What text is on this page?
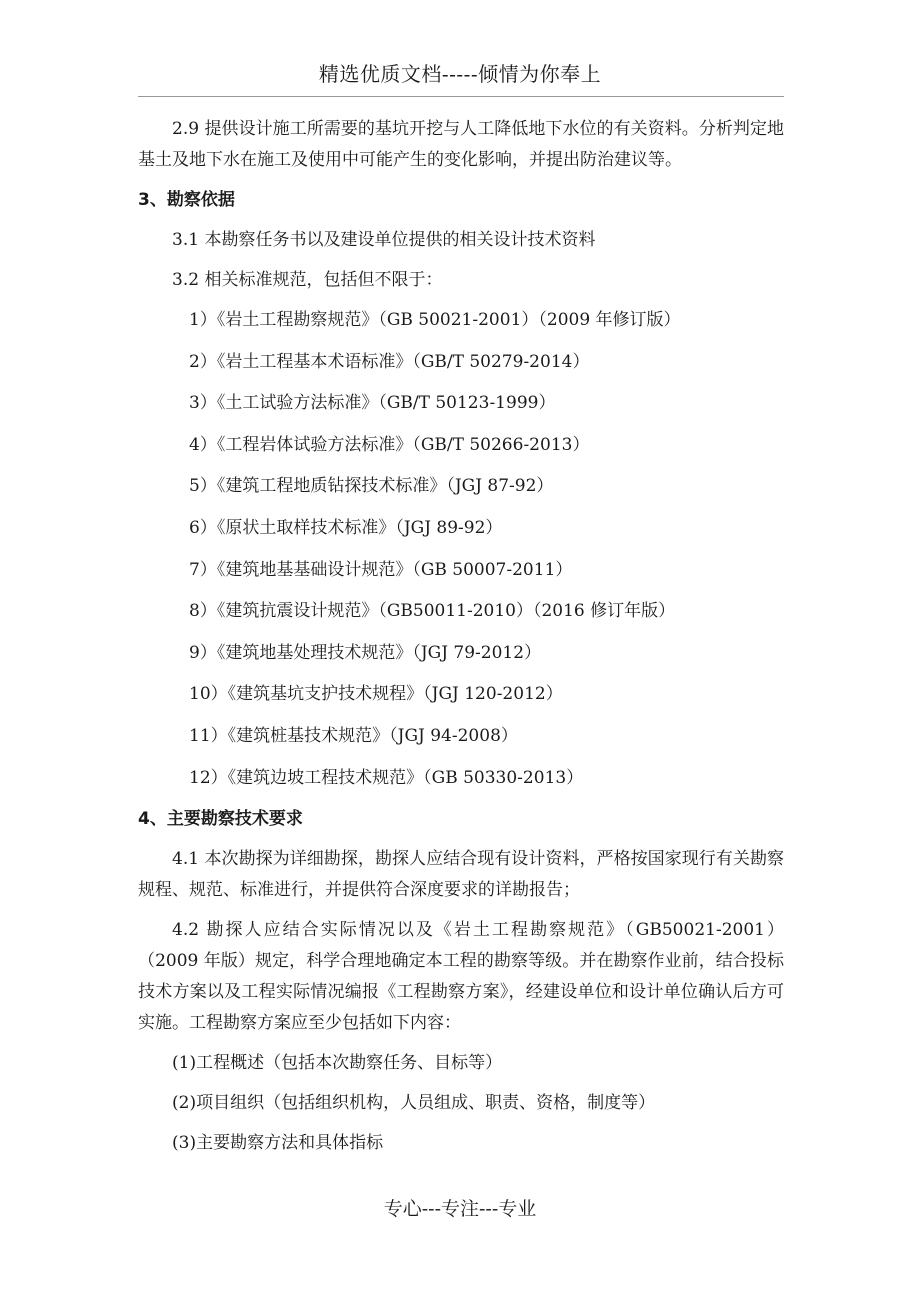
精选优质文档-----倾情为你奉上

2.9 提供设计施工所需要的基坑开挖与人工降低地下水位的有关资料。分析判定地基土及地下水在施工及使用中可能产生的变化影响，并提出防治建议等。

3、勘察依据
3.1 本勘察任务书以及建设单位提供的相关设计技术资料
3.2 相关标准规范，包括但不限于：
1）《岩土工程勘察规范》（GB 50021-2001）（2009 年修订版）
2）《岩土工程基本术语标准》（GB/T 50279-2014）
3）《土工试验方法标准》（GB/T 50123-1999）
4）《工程岩体试验方法标准》（GB/T 50266-2013）
5）《建筑工程地质钻探技术标准》（JGJ 87-92）
6）《原状土取样技术标准》（JGJ 89-92）
7）《建筑地基基础设计规范》（GB 50007-2011）
8）《建筑抗震设计规范》（GB50011-2010）（2016 修订年版）
9）《建筑地基处理技术规范》（JGJ 79-2012）
10）《建筑基坑支护技术规程》（JGJ 120-2012）
11）《建筑桩基技术规范》（JGJ 94-2008）
12）《建筑边坡工程技术规范》（GB 50330-2013）
4、主要勘察技术要求

4.1 本次勘探为详细勘探，勘探人应结合现有设计资料，严格按国家现行有关勘察规程、规范、标准进行，并提供符合深度要求的详勘报告；

4.2 勘探人应结合实际情况以及《岩土工程勘察规范》（GB50021-2001）（2009 年版）规定，科学合理地确定本工程的勘察等级。并在勘察作业前，结合投标技术方案以及工程实际情况编报《工程勘察方案》，经建设单位和设计单位确认后方可实施。工程勘察方案应至少包括如下内容：

(1)工程概述（包括本次勘察任务、目标等）
(2)项目组织（包括组织机构，人员组成、职责、资格，制度等）
(3)主要勘察方法和具体指标
专心---专注---专业
